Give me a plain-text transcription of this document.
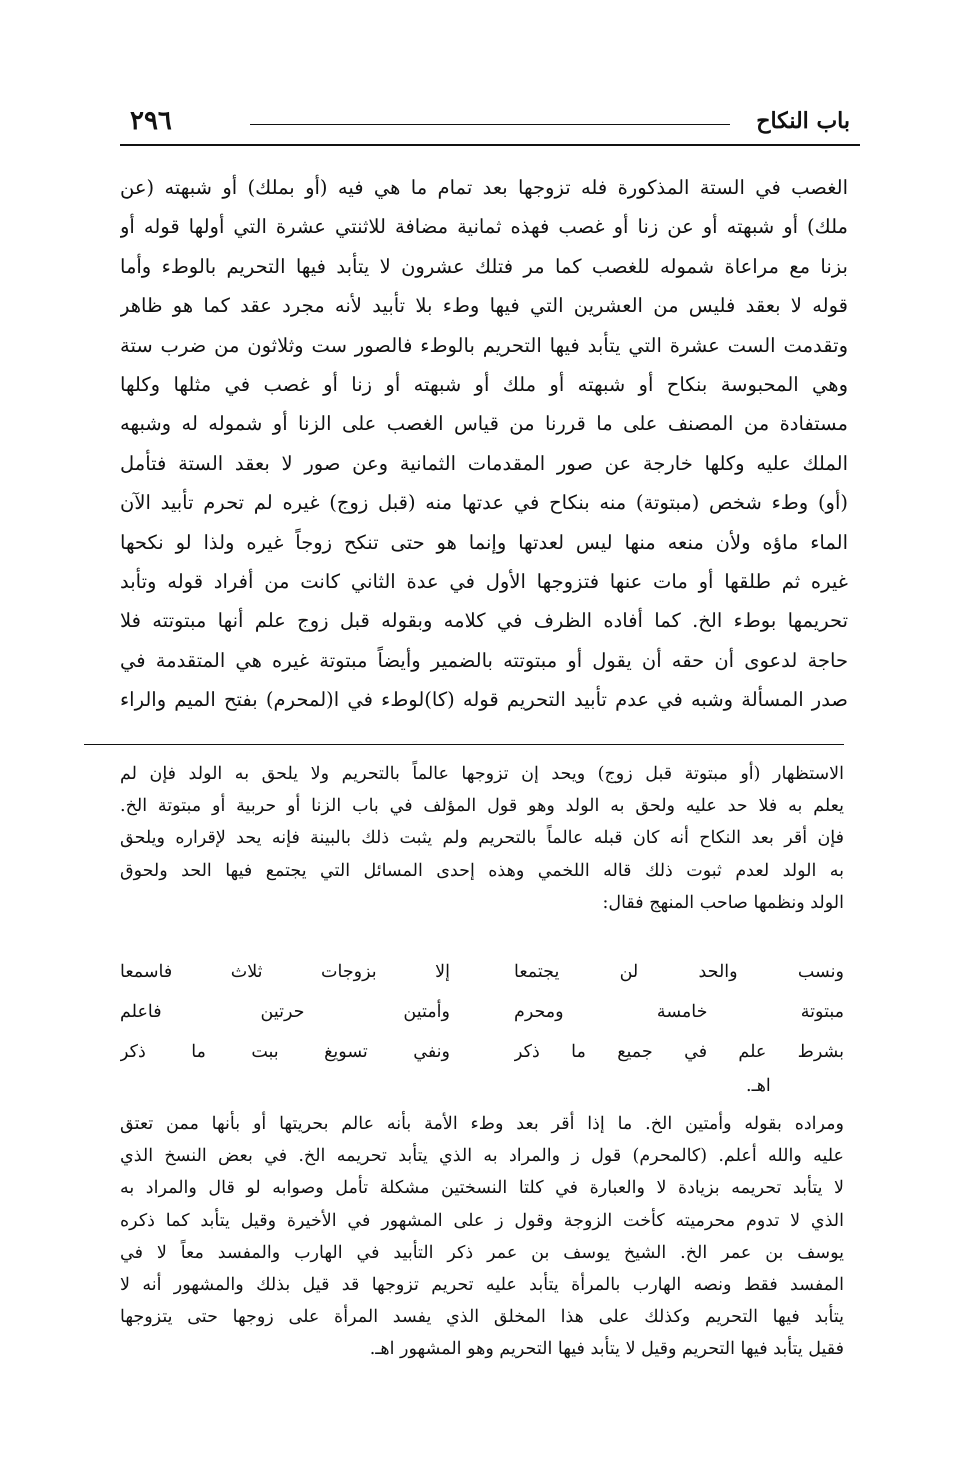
باب النكاح
٢٩٦
الغصب في الستة المذكورة فله تزوجها بعد تمام ما هي فيه (أو بملك) أو شبهته (عن
ملك) أو شبهته أو عن زنا أو غصب فهذه ثمانية مضافة للاثنتي عشرة التي أولها قوله أو
بزنا مع مراعاة شموله للغصب كما مر فتلك عشرون لا يتأبد فيها التحريم بالوطء وأما
قوله لا بعقد فليس من العشرين التي فيها وطء بلا تأبيد لأنه مجرد عقد كما هو ظاهر
وتقدمت الست عشرة التي يتأبد فيها التحريم بالوطء فالصور ست وثلاثون من ضرب ستة
وهي المحبوسة بنكاح أو شبهته أو ملك أو شبهته أو زنا أو غصب في مثلها وكلها
مستفادة من المصنف على ما قررنا من قياس الغصب على الزنا أو شموله له وشبهه
الملك عليه وكلها خارجة عن صور المقدمات الثمانية وعن صور لا بعقد الستة فتأمل
(أو) وطء شخص (مبتوتة) منه بنكاح في عدتها منه (قبل زوج) غيره لم تحرم تأبيد الآن
الماء ماؤه ولأن منعه منها ليس لعدتها وإنما هو حتى تنكح زوجاً غيره ولذا لو نكحها
غيره ثم طلقها أو مات عنها فتزوجها الأول في عدة الثاني كانت من أفراد قوله وتأبد
تحريمها بوطء الخ. كما أفاده الظرف في كلامه وبقوله قبل زوج علم أنها مبتوتته فلا
حاجة لدعوى أن حقه أن يقول أو مبتوتته بالضمير وأيضاً مبتوتة غيره هي المتقدمة في
صدر المسألة وشبه في عدم تأبيد التحريم قوله (كا)لوطء في ا(لمحرم) بفتح الميم والراء
الاستظهار (أو مبتوتة قبل زوج) ويحد إن تزوجها عالماً بالتحريم ولا يلحق به الولد فإن لم
يعلم به فلا حد عليه ولحق به الولد وهو قول المؤلف في باب الزنا أو حربية أو مبتوتة الخ.
فإن أقر بعد النكاح أنه كان قبله عالماً بالتحريم ولم يثبت ذلك بالبينة فإنه يحد لإقراره ويلحق
به الولد لعدم ثبوت ذلك قاله اللخمي وهذه إحدى المسائل التي يجتمع فيها الحد ولحوق
الولد ونظمها صاحب المنهج فقال:
ونسب والحد لن يجتمعا
إلا بزوجات ثلاث فاسمعا
مبتوتة خامسة ومحرم
وأمتين حرتين فاعلم
بشرط علم في جميع ما ذكر
ونفي تسويغ ببت ما ذكر
اهـ.
ومراده بقوله وأمتين الخ. ما إذا أقر بعد وطء الأمة بأنه عالم بحريتها أو بأنها ممن تعتق
عليه والله أعلم. (كالمحرم) قول ز والمراد به الذي يتأبد تحريمه الخ. في بعض النسخ الذي
لا يتأبد تحريمه بزيادة لا والعبارة في كلتا النسختين مشكلة تأمل وصوابه لو قال والمراد به
الذي لا تدوم محرميته كأخت الزوجة وقول ز على المشهور في الأخيرة وقيل يتأبد كما ذكره
يوسف بن عمر الخ. الشيخ يوسف بن عمر ذكر التأبيد في الهارب والمفسد معاً لا في
المفسد فقط ونصه الهارب بالمرأة يتأبد عليه تحريم تزوجها قد قيل بذلك والمشهور أنه لا
يتأبد فيها التحريم وكذلك على هذا المخلق الذي يفسد المرأة على زوجها حتى يتزوجها
فقيل يتأبد فيها التحريم وقيل لا يتأبد فيها التحريم وهو المشهور اهـ.
